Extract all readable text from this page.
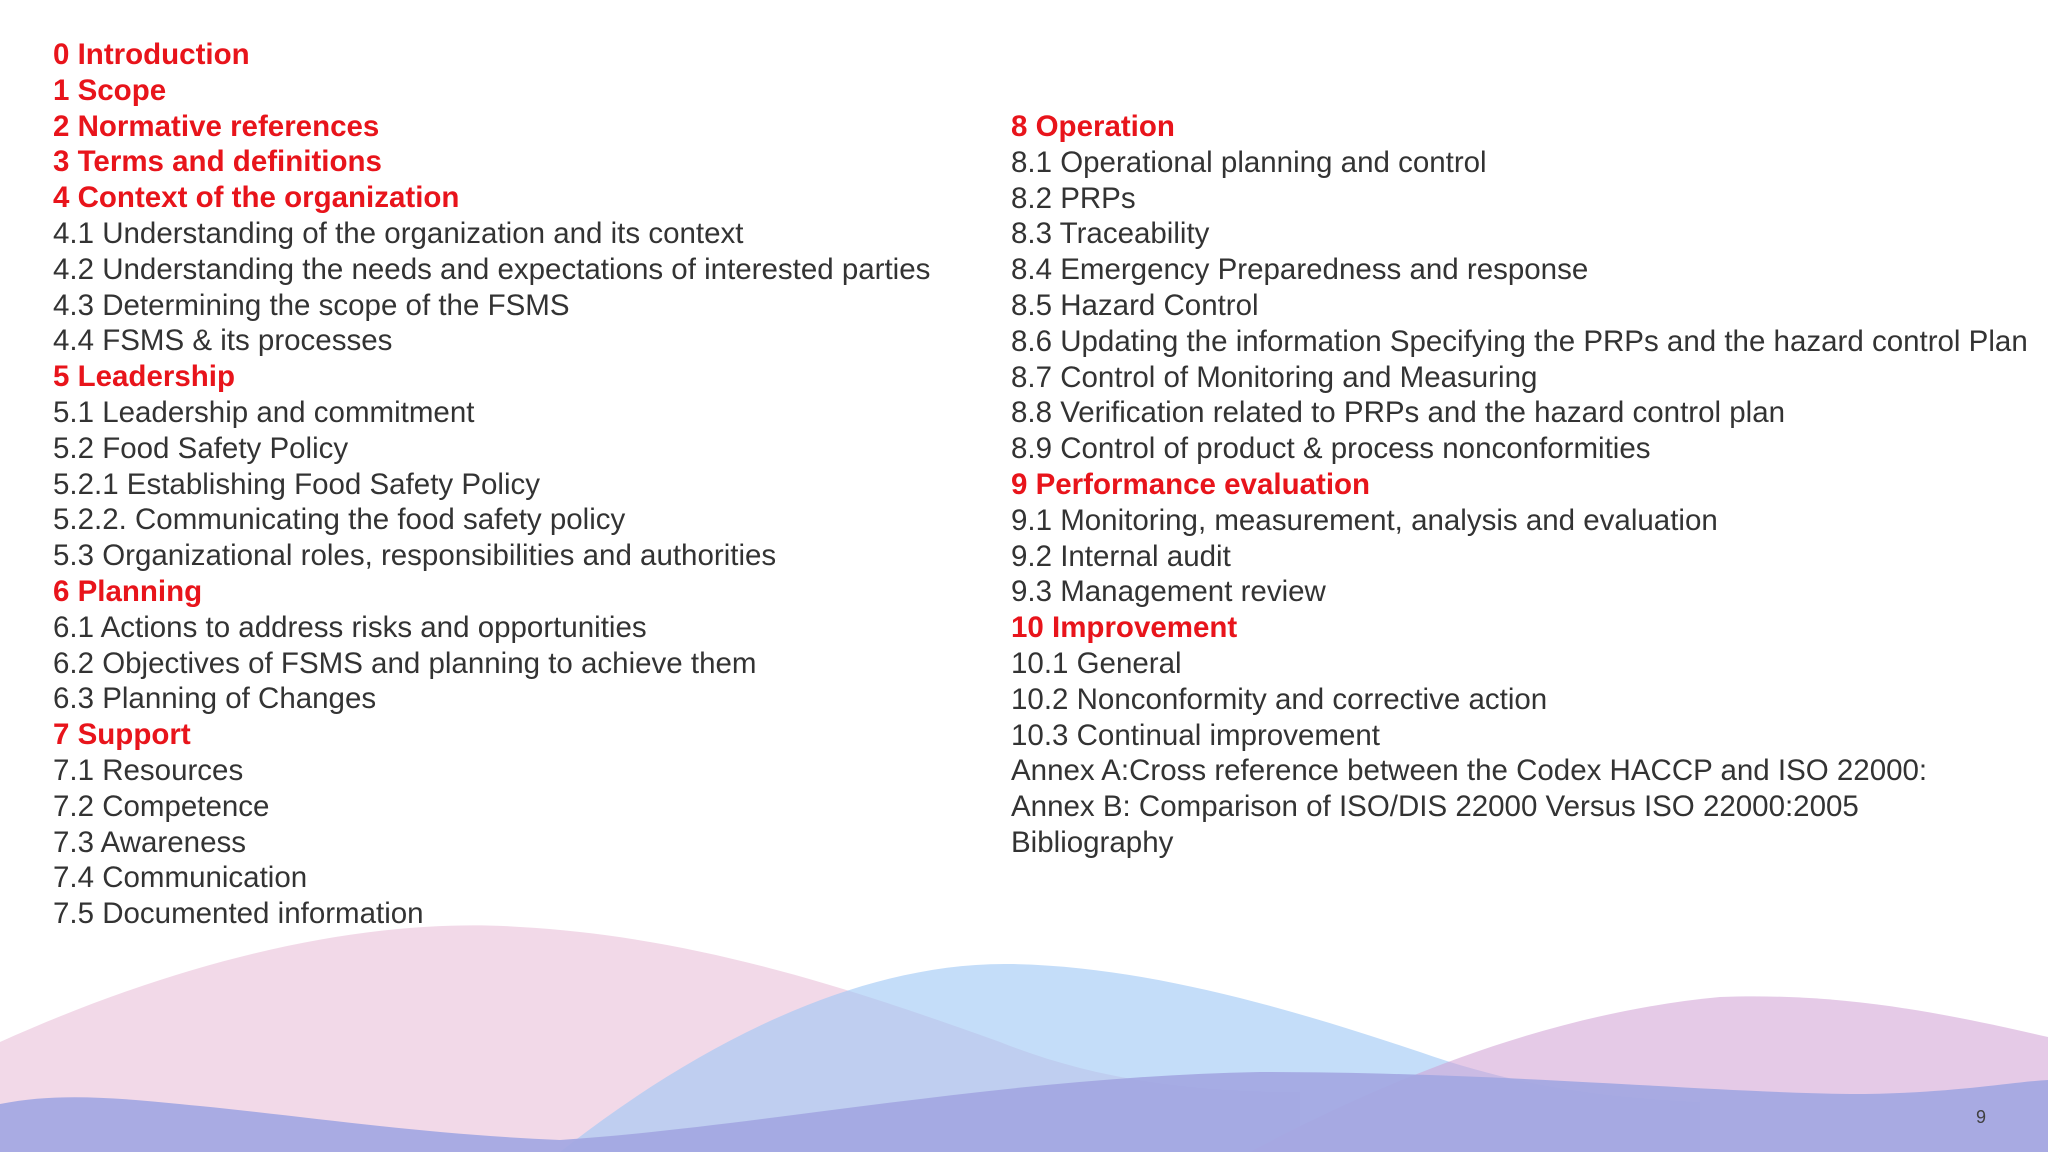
0 Introduction
1 Scope
2 Normative references
3 Terms and definitions
4 Context of the organization
4.1 Understanding of the organization and its context
4.2 Understanding the needs and expectations of interested parties
4.3 Determining the scope of the FSMS
4.4 FSMS & its processes
5 Leadership
5.1 Leadership and commitment
5.2 Food Safety Policy
5.2.1 Establishing Food Safety Policy
5.2.2. Communicating the food safety policy
5.3 Organizational roles, responsibilities and authorities
6 Planning
6.1 Actions to address risks and opportunities
6.2 Objectives of FSMS and planning to achieve them
6.3 Planning of Changes
7 Support
7.1 Resources
7.2 Competence
7.3 Awareness
7.4 Communication
7.5 Documented information
8 Operation
8.1 Operational planning and control
8.2 PRPs
8.3 Traceability
8.4 Emergency Preparedness and response
8.5 Hazard Control
8.6 Updating the information Specifying the PRPs and the hazard control Plan
8.7 Control of Monitoring and Measuring
8.8 Verification related to PRPs and the hazard control plan
8.9 Control of product & process nonconformities
9 Performance evaluation
9.1 Monitoring, measurement, analysis and evaluation
9.2 Internal audit
9.3 Management review
10 Improvement
10.1 General
10.2 Nonconformity and corrective action
10.3 Continual improvement
Annex A:Cross reference between the Codex HACCP and ISO 22000:
Annex B: Comparison of ISO/DIS 22000 Versus ISO 22000:2005
Bibliography
9
